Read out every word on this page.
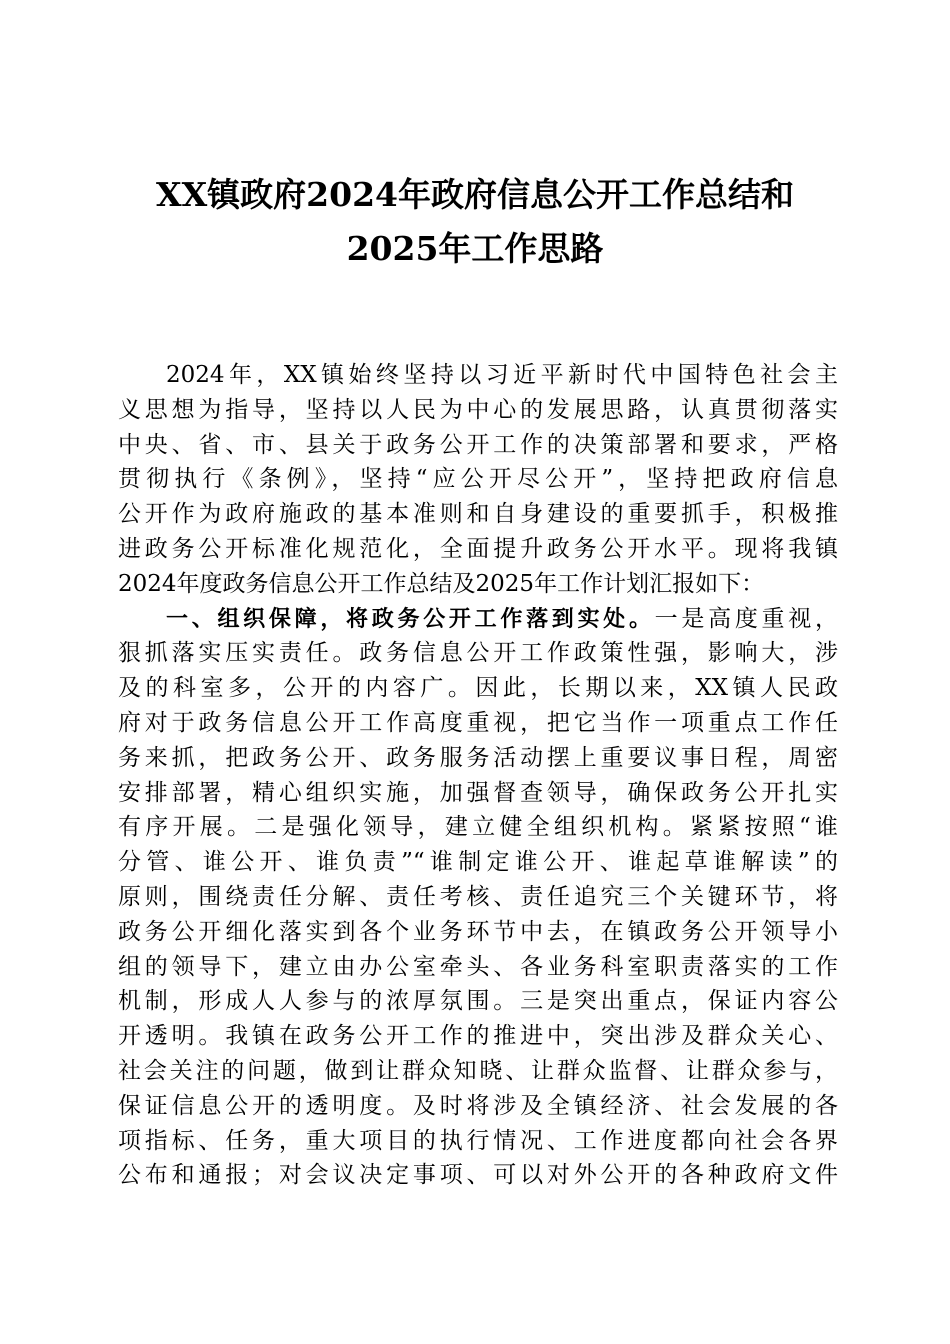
XX镇政府2024年政府信息公开工作总结和
2025年工作思路
2024年，XX镇始终坚持以习近平新时代中国特色社会主
义思想为指导，坚持以人民为中心的发展思路，认真贯彻落实
中央、省、市、县关于政务公开工作的决策部署和要求，严格
贯彻执行《条例》，坚持“应公开尽公开”，坚持把政府信息
公开作为政府施政的基本准则和自身建设的重要抓手，积极推
进政务公开标准化规范化，全面提升政务公开水平。现将我镇
2024年度政务信息公开工作总结及2025年工作计划汇报如下：
一、组织保障，将政务公开工作落到实处。一是高度重视，
狠抓落实压实责任。政务信息公开工作政策性强，影响大，涉
及的科室多，公开的内容广。因此，长期以来，XX镇人民政
府对于政务信息公开工作高度重视，把它当作一项重点工作任
务来抓，把政务公开、政务服务活动摆上重要议事日程，周密
安排部署，精心组织实施，加强督查领导，确保政务公开扎实
有序开展。二是强化领导，建立健全组织机构。紧紧按照“谁
分管、谁公开、谁负责”“谁制定谁公开、谁起草谁解读”的
原则，围绕责任分解、责任考核、责任追究三个关键环节，将
政务公开细化落实到各个业务环节中去，在镇政务公开领导小
组的领导下，建立由办公室牵头、各业务科室职责落实的工作
机制，形成人人参与的浓厚氛围。三是突出重点，保证内容公
开透明。我镇在政务公开工作的推进中，突出涉及群众关心、
社会关注的问题，做到让群众知晓、让群众监督、让群众参与，
保证信息公开的透明度。及时将涉及全镇经济、社会发展的各
项指标、任务，重大项目的执行情况、工作进度都向社会各界
公布和通报；对会议决定事项、可以对外公开的各种政府文件
